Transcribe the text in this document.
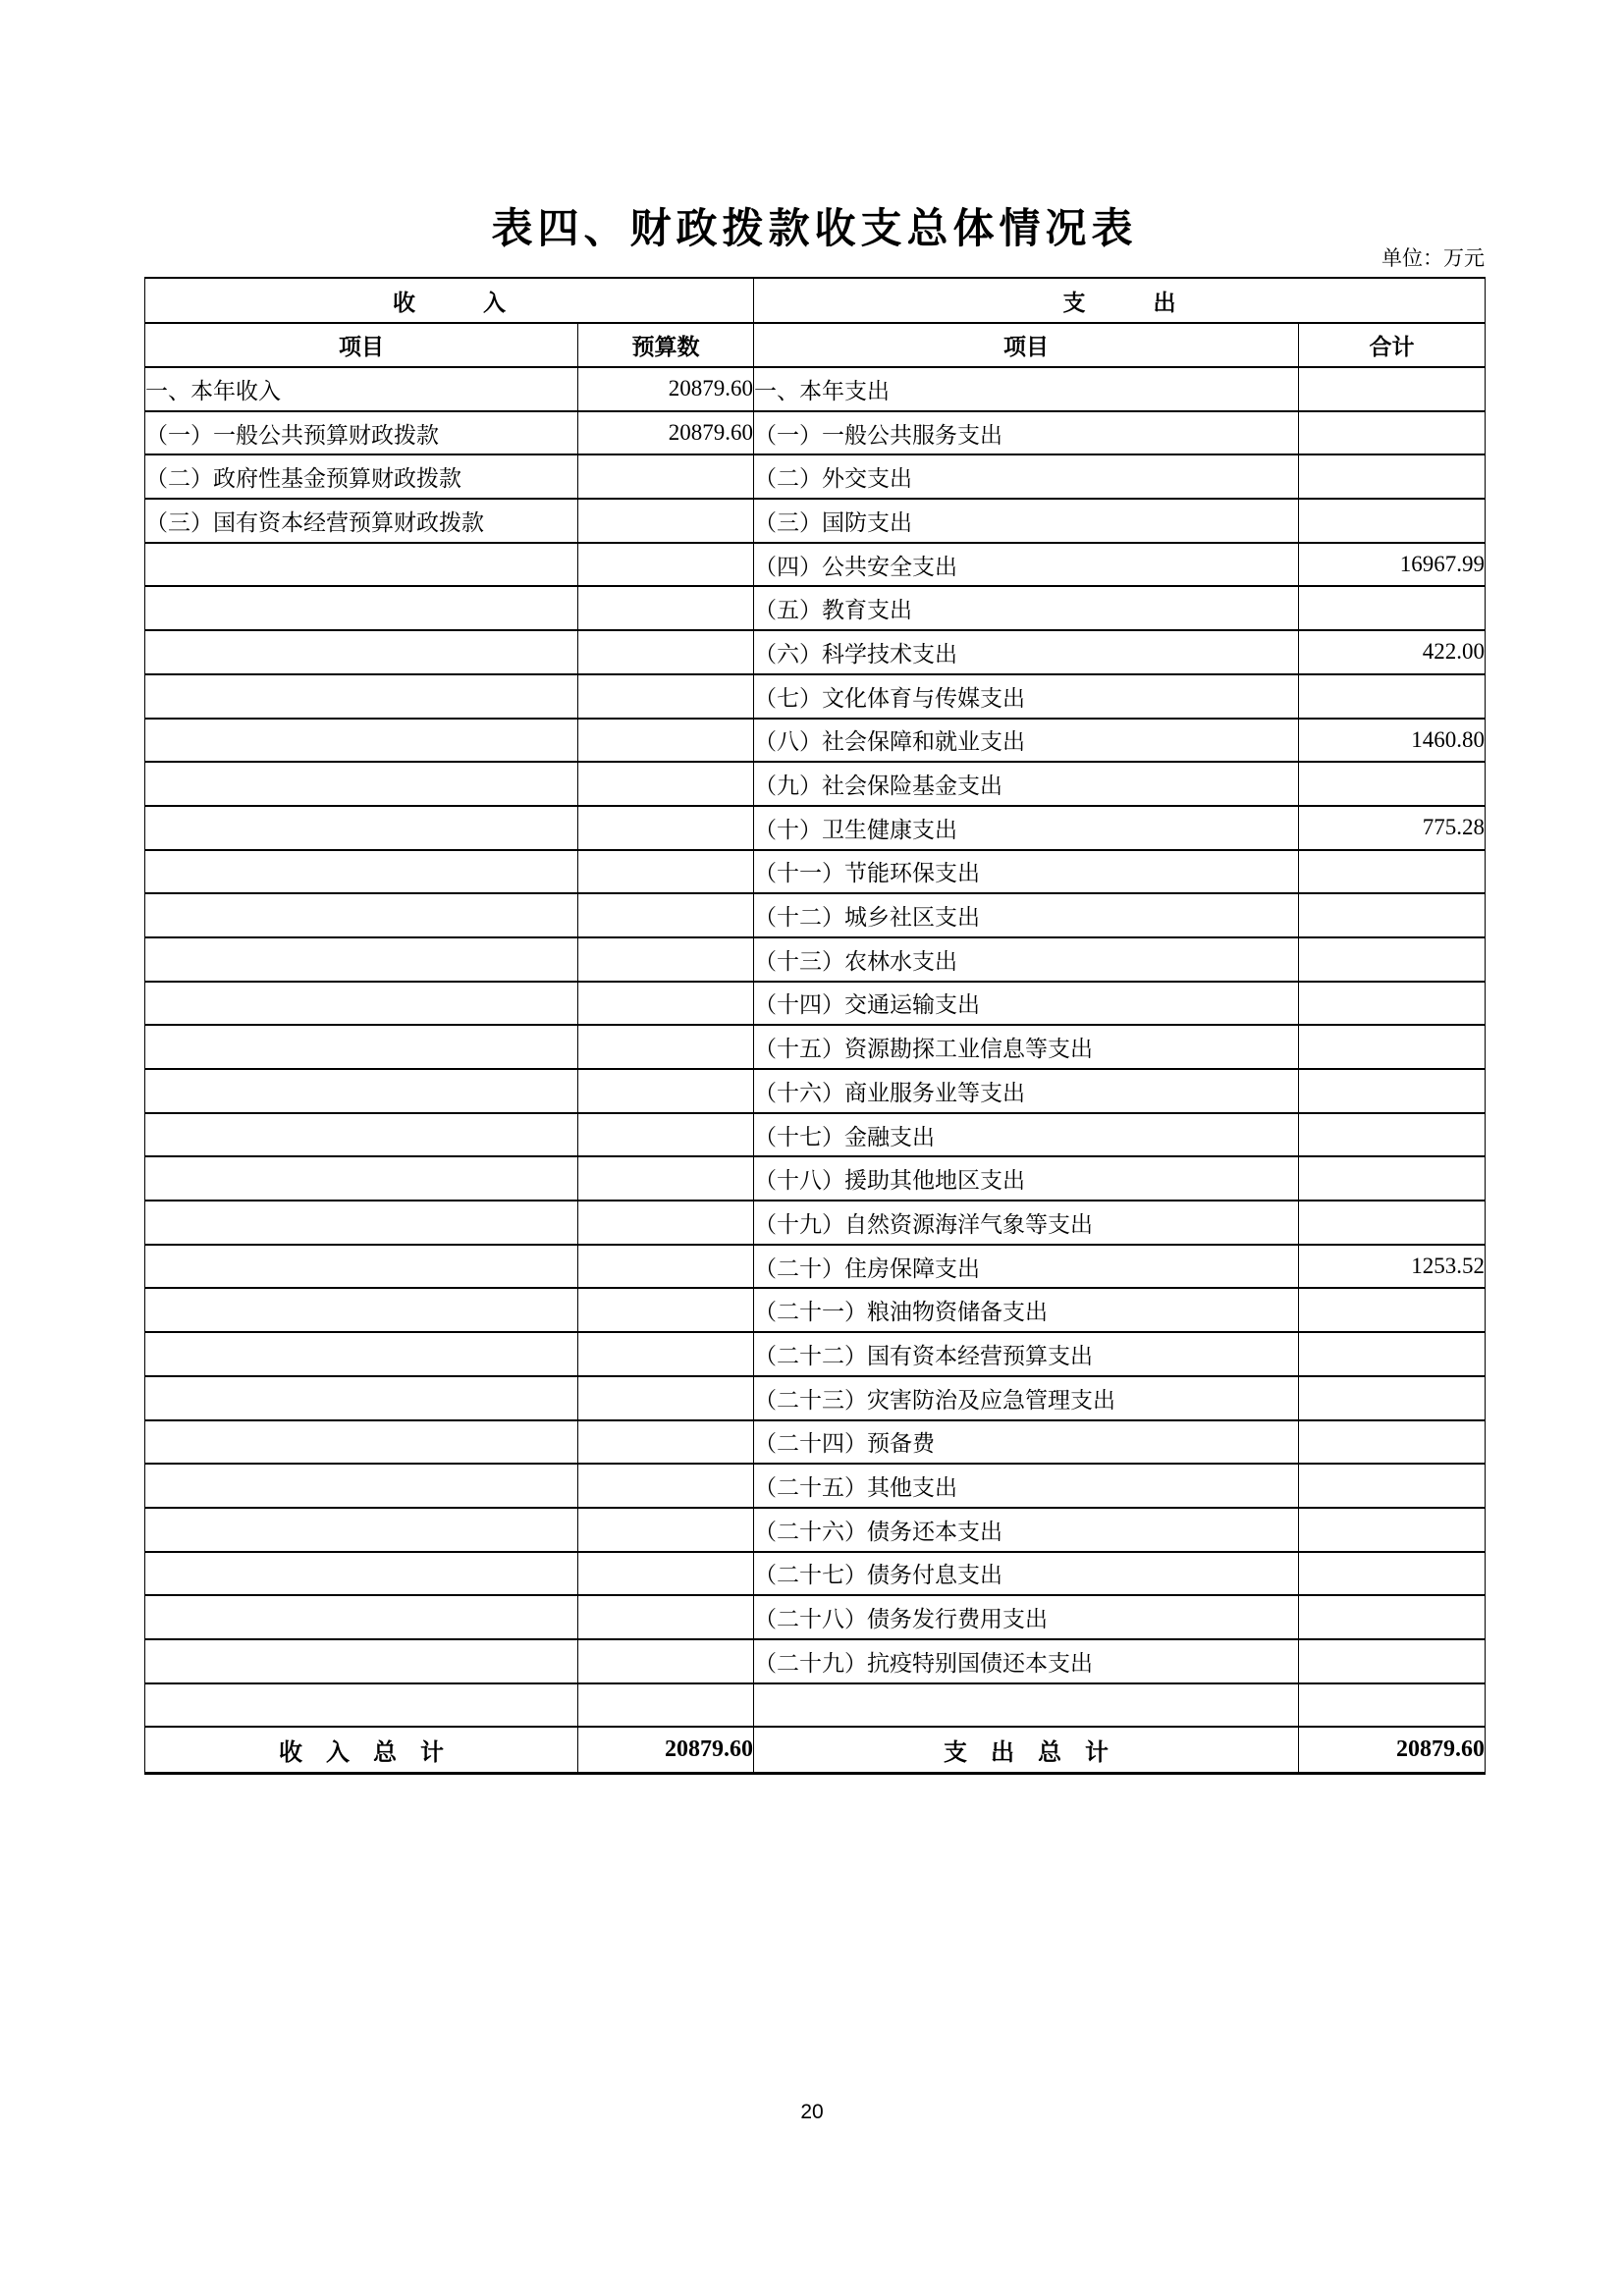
表四、财政拨款收支总体情况表
单位：万元
收　　　入		支　　　出	
项目	预算数	项目	合计
一、本年收入	20879.60	一、本年支出	
（一）一般公共预算财政拨款	20879.60	（一）一般公共服务支出	
（二）政府性基金预算财政拨款		（二）外交支出	
（三）国有资本经营预算财政拨款		（三）国防支出	
		（四）公共安全支出	16967.99
		（五）教育支出	
		（六）科学技术支出	422.00
		（七）文化体育与传媒支出	
		（八）社会保障和就业支出	1460.80
		（九）社会保险基金支出	
		（十）卫生健康支出	775.28
		（十一）节能环保支出	
		（十二）城乡社区支出	
		（十三）农林水支出	
		（十四）交通运输支出	
		（十五）资源勘探工业信息等支出	
		（十六）商业服务业等支出	
		（十七）金融支出	
		（十八）援助其他地区支出	
		（十九）自然资源海洋气象等支出	
		（二十）住房保障支出	1253.52
		（二十一）粮油物资储备支出	
		（二十二）国有资本经营预算支出	
		（二十三）灾害防治及应急管理支出	
		（二十四）预备费	
		（二十五）其他支出	
		（二十六）债务还本支出	
		（二十七）债务付息支出	
		（二十八）债务发行费用支出	
		（二十九）抗疫特别国债还本支出	

收　入　总　计	20879.60	支　出　总　计	20879.60
20
